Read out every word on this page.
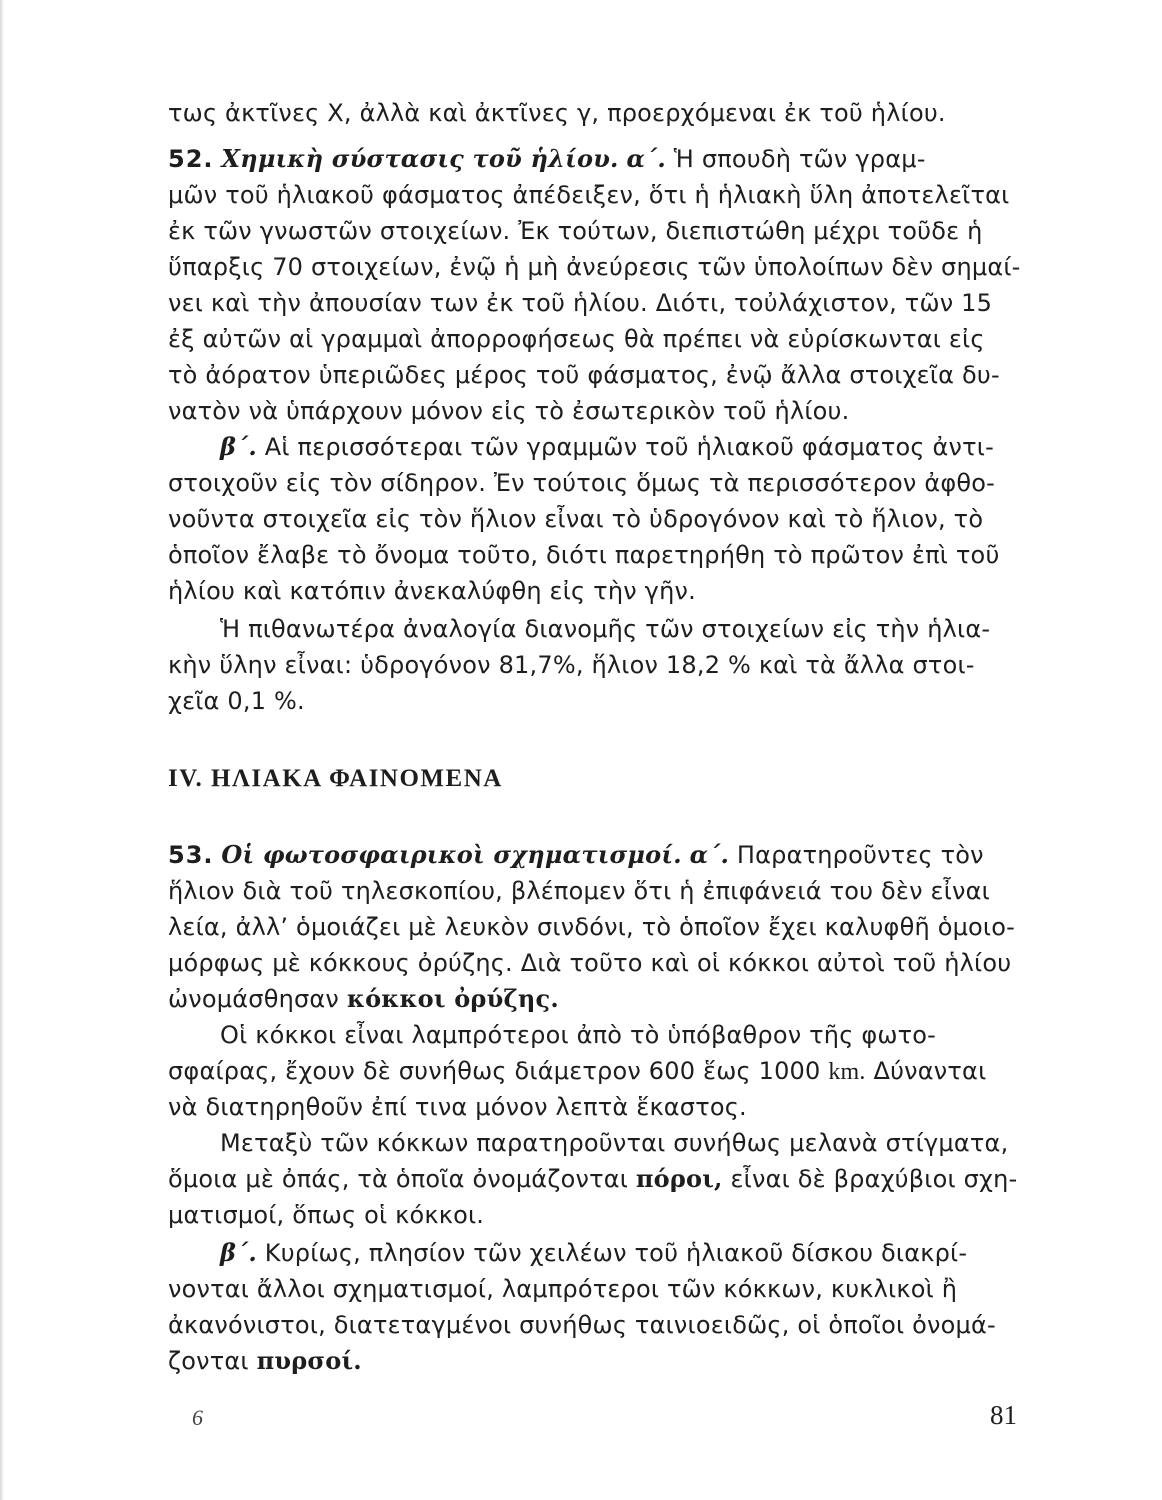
τως ἀκτῖνες Χ, ἀλλὰ καὶ ἀκτῖνες γ, προερχόμεναι ἐκ τοῦ ἡλίου.
52. Χημικὴ σύστασις τοῦ ἡλίου. α΄. Ἡ σπουδὴ τῶν γραμ-
μῶν τοῦ ἡλιακοῦ φάσματος ἀπέδειξεν, ὅτι ἡ ἡλιακὴ ὕλη ἀποτελεῖται
ἐκ τῶν γνωστῶν στοιχείων. Ἐκ τούτων, διεπιστώθη μέχρι τοῦδε ἡ
ὕπαρξις 70 στοιχείων, ἐνῷ ἡ μὴ ἀνεύρεσις τῶν ὑπολοίπων δὲν σημαί-
νει καὶ τὴν ἀπουσίαν των ἐκ τοῦ ἡλίου. Διότι, τοὐλάχιστον, τῶν 15
ἐξ αὐτῶν αἱ γραμμαὶ ἀπορροφήσεως θὰ πρέπει νὰ εὑρίσκωνται εἰς
τὸ ἀόρατον ὑπεριῶδες μέρος τοῦ φάσματος, ἐνῷ ἄλλα στοιχεῖα δυ-
νατὸν νὰ ὑπάρχουν μόνον εἰς τὸ ἐσωτερικὸν τοῦ ἡλίου.
β΄. Αἱ περισσότεραι τῶν γραμμῶν τοῦ ἡλιακοῦ φάσματος ἀντι-
στοιχοῦν εἰς τὸν σίδηρον. Ἐν τούτοις ὅμως τὰ περισσότερον ἀφθο-
νοῦντα στοιχεῖα εἰς τὸν ἥλιον εἶναι τὸ ὑδρογόνον καὶ τὸ ἥλιον, τὸ
ὁποῖον ἔλαβε τὸ ὄνομα τοῦτο, διότι παρετηρήθη τὸ πρῶτον ἐπὶ τοῦ
ἡλίου καὶ κατόπιν ἀνεκαλύφθη εἰς τὴν γῆν.
Ἡ πιθανωτέρα ἀναλογία διανομῆς τῶν στοιχείων εἰς τὴν ἡλια-
κὴν ὕλην εἶναι: ὑδρογόνον 81,7%, ἥλιον 18,2 % καὶ τὰ ἄλλα στοι-
χεῖα 0,1 %.
IV. ΗΛΙΑΚΑ ΦΑΙΝΟΜΕΝΑ
53. Οἱ φωτοσφαιρικοὶ σχηματισμοί. α΄. Παρατηροῦντες τὸν
ἥλιον διὰ τοῦ τηλεσκοπίου, βλέπομεν ὅτι ἡ ἐπιφάνειά του δὲν εἶναι
λεία, ἀλλ’ ὁμοιάζει μὲ λευκὸν σινδόνι, τὸ ὁποῖον ἔχει καλυφθῆ ὁμοιο-
μόρφως μὲ κόκκους ὀρύζης. Διὰ τοῦτο καὶ οἱ κόκκοι αὐτοὶ τοῦ ἡλίου
ὠνομάσθησαν κόκκοι ὀρύζης.
Οἱ κόκκοι εἶναι λαμπρότεροι ἀπὸ τὸ ὑπόβαθρον τῆς φωτο-
σφαίρας, ἔχουν δὲ συνήθως διάμετρον 600 ἕως 1000 km. Δύνανται
νὰ διατηρηθοῦν ἐπί τινα μόνον λεπτὰ ἕκαστος.
Μεταξὺ τῶν κόκκων παρατηροῦνται συνήθως μελανὰ στίγματα,
ὅμοια μὲ ὀπάς, τὰ ὁποῖα ὀνομάζονται πόροι, εἶναι δὲ βραχύβιοι σχη-
ματισμοί, ὅπως οἱ κόκκοι.
β΄. Κυρίως, πλησίον τῶν χειλέων τοῦ ἡλιακοῦ δίσκου διακρί-
νονται ἄλλοι σχηματισμοί, λαμπρότεροι τῶν κόκκων, κυκλικοὶ ἢ
ἀκανόνιστοι, διατεταγμένοι συνήθως ταινιοειδῶς, οἱ ὁποῖοι ὀνομά-
ζονται πυρσοί.
6	81
